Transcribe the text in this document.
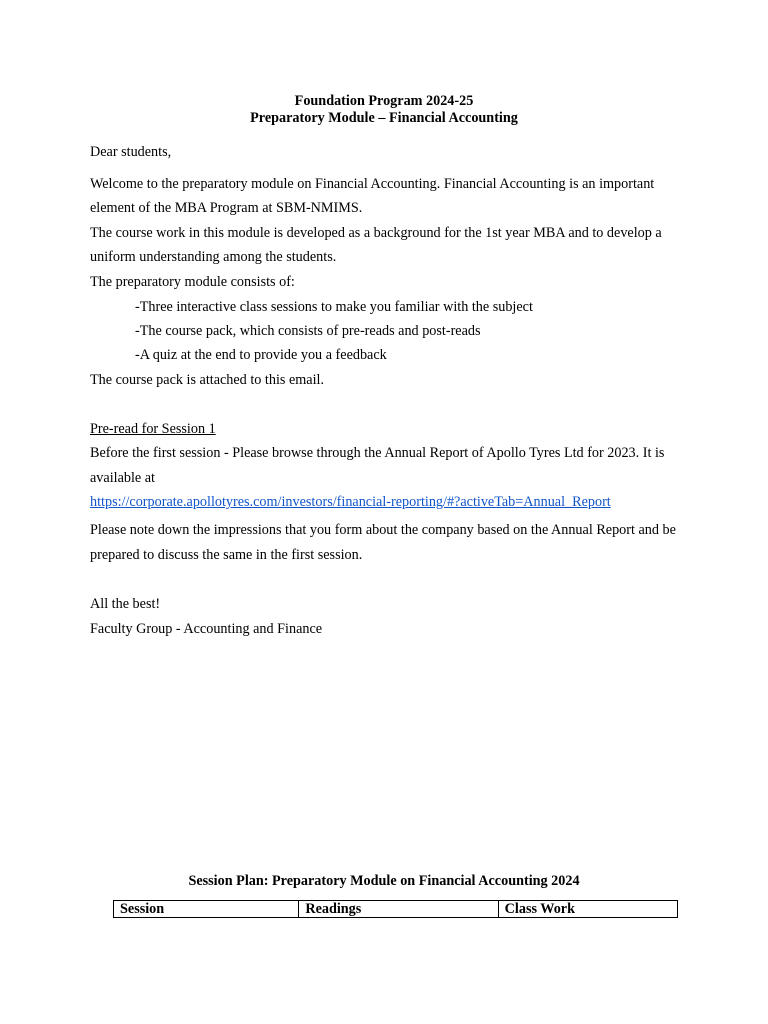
Foundation Program 2024-25
Preparatory Module – Financial Accounting
Dear students,
Welcome to the preparatory module on Financial Accounting. Financial Accounting is an important
element of the MBA Program at SBM-NMIMS.
The course work in this module is developed as a background for the 1st year MBA and to develop a
uniform understanding among the students.
The preparatory module consists of:
-Three interactive class sessions to make you familiar with the subject
-The course pack, which consists of pre-reads and post-reads
-A quiz at the end to provide you a feedback
The course pack is attached to this email.
Pre-read for Session 1
Before the first session - Please browse through the Annual Report of Apollo Tyres Ltd for 2023. It is
available at
https://corporate.apollotyres.com/investors/financial-reporting/#?activeTab=Annual_Report
Please note down the impressions that you form about the company based on the Annual Report and be
prepared to discuss the same in the first session.
All the best!
Faculty Group - Accounting and Finance
Session Plan: Preparatory Module on Financial Accounting 2024
Session	Readings	Class Work
